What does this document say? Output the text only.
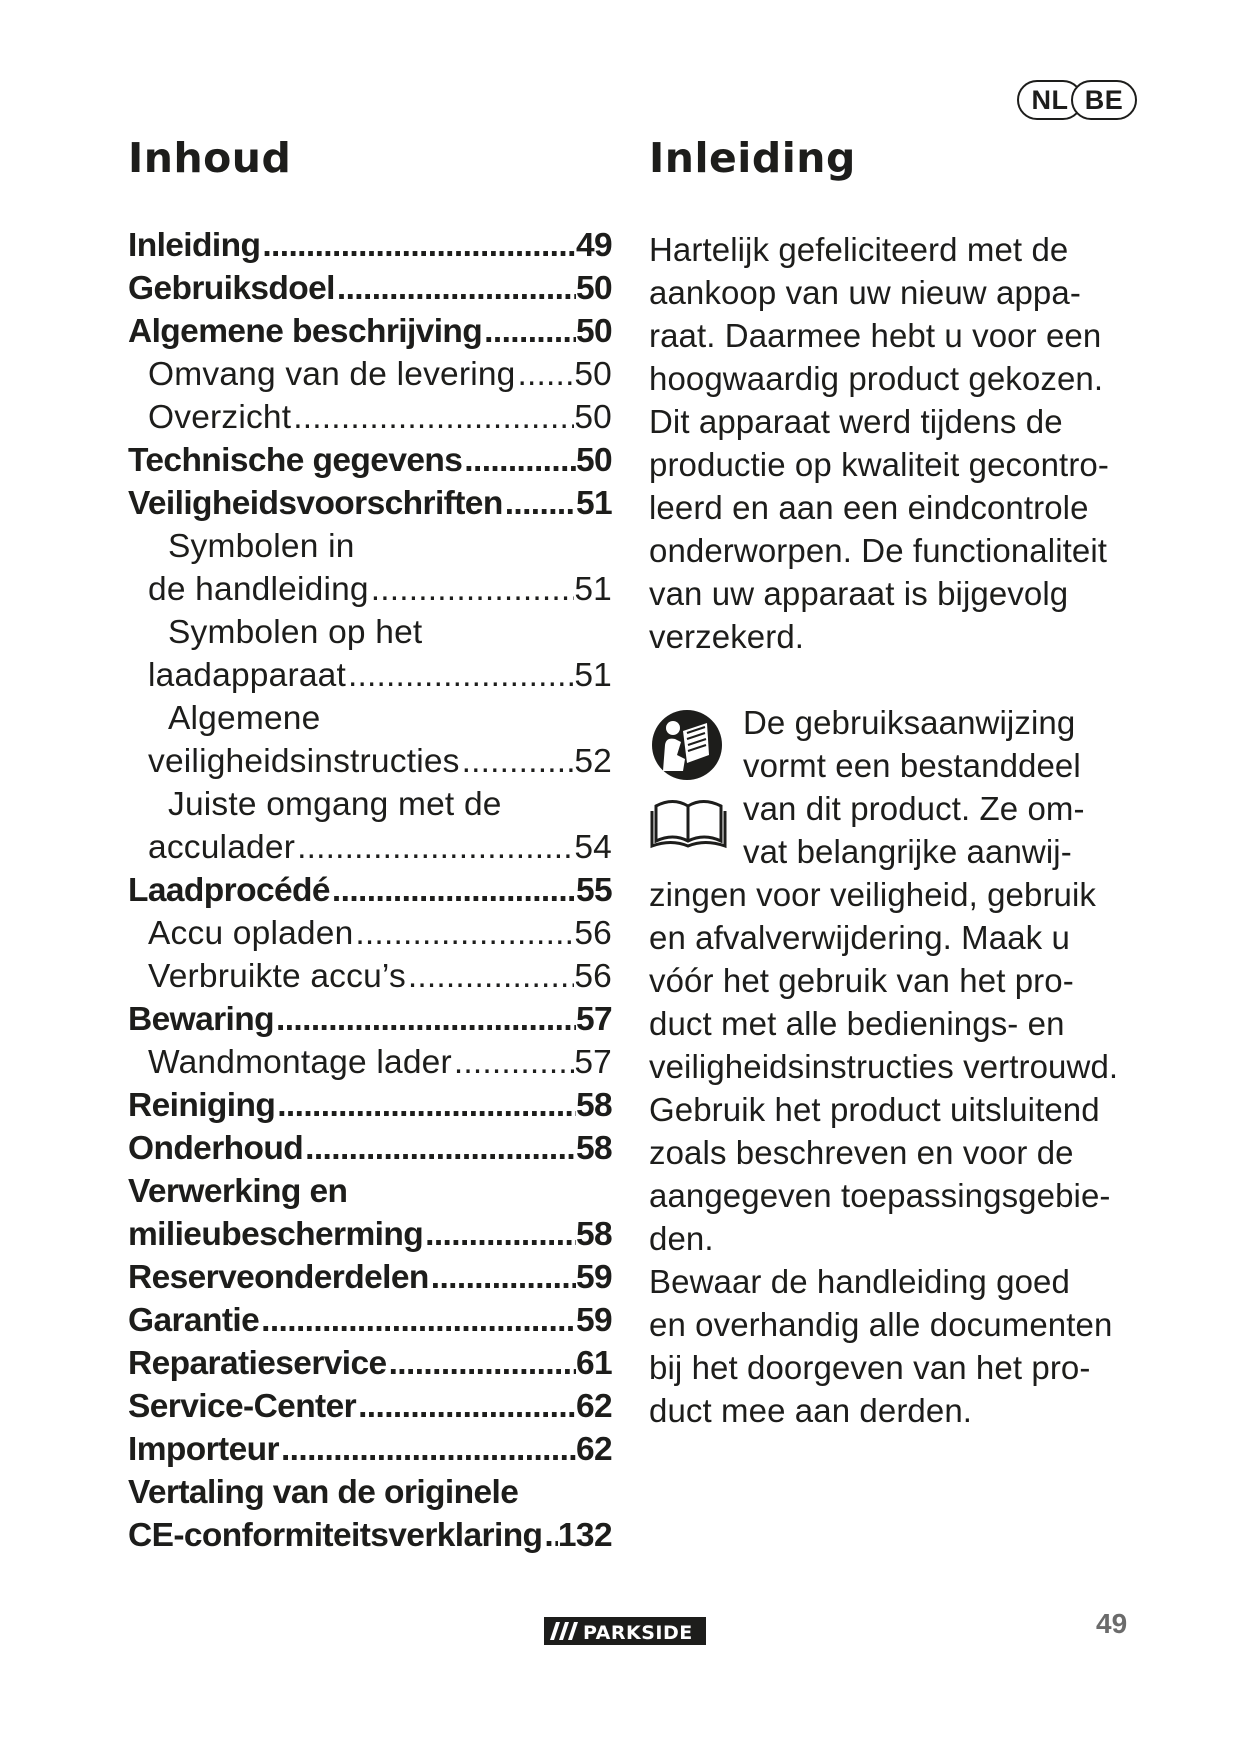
NL BE
Inhoud	Inleiding
Inleiding .....	49
Gebruiksdoel .....	50
Algemene beschrijving .....	50
Omvang van de levering ..... 50
Overzicht .....	50
Technische gegevens .....	50
Veiligheidsvoorschriften ..... 51
Symbolen in
de handleiding .....	51
Symbolen op het
laadapparaat .....	51
Algemene
veiligheidsinstructies .....	52
Juiste omgang met de
acculader .....	54
Laadprocédé .....	55
Accu opladen .....	56
Verbruikte accu’s .....	56
Bewaring .....	57
Wandmontage lader .....	57
Reiniging .....	58
Onderhoud .....	58
Verwerking en
milieubescherming .....	58
Reserveonderdelen .....	59
Garantie .....	59
Reparatieservice .....	61
Service-Center .....	62
Importeur .....	62
Vertaling van de originele
CE-conformiteitsverklaring ..... 132
Hartelijk gefeliciteerd met de
aankoop van uw nieuw appa-
raat. Daarmee hebt u voor een
hoogwaardig product gekozen.
Dit apparaat werd tijdens de
productie op kwaliteit gecontro-
leerd en aan een eindcontrole
onderworpen. De functionaliteit
van uw apparaat is bijgevolg
verzekerd.
De gebruiksaanwijzing
vormt een bestanddeel
van dit product. Ze om-
vat belangrijke aanwij-
zingen voor veiligheid, gebruik
en afvalverwijdering. Maak u
vóór het gebruik van het pro-
duct met alle bedienings- en
veiligheidsinstructies vertrouwd.
Gebruik het product uitsluitend
zoals beschreven en voor de
aangegeven toepassingsgebie-
den.
Bewaar de handleiding goed
en overhandig alle documenten
bij het doorgeven van het pro-
duct mee aan derden.
PARKSIDE	49
